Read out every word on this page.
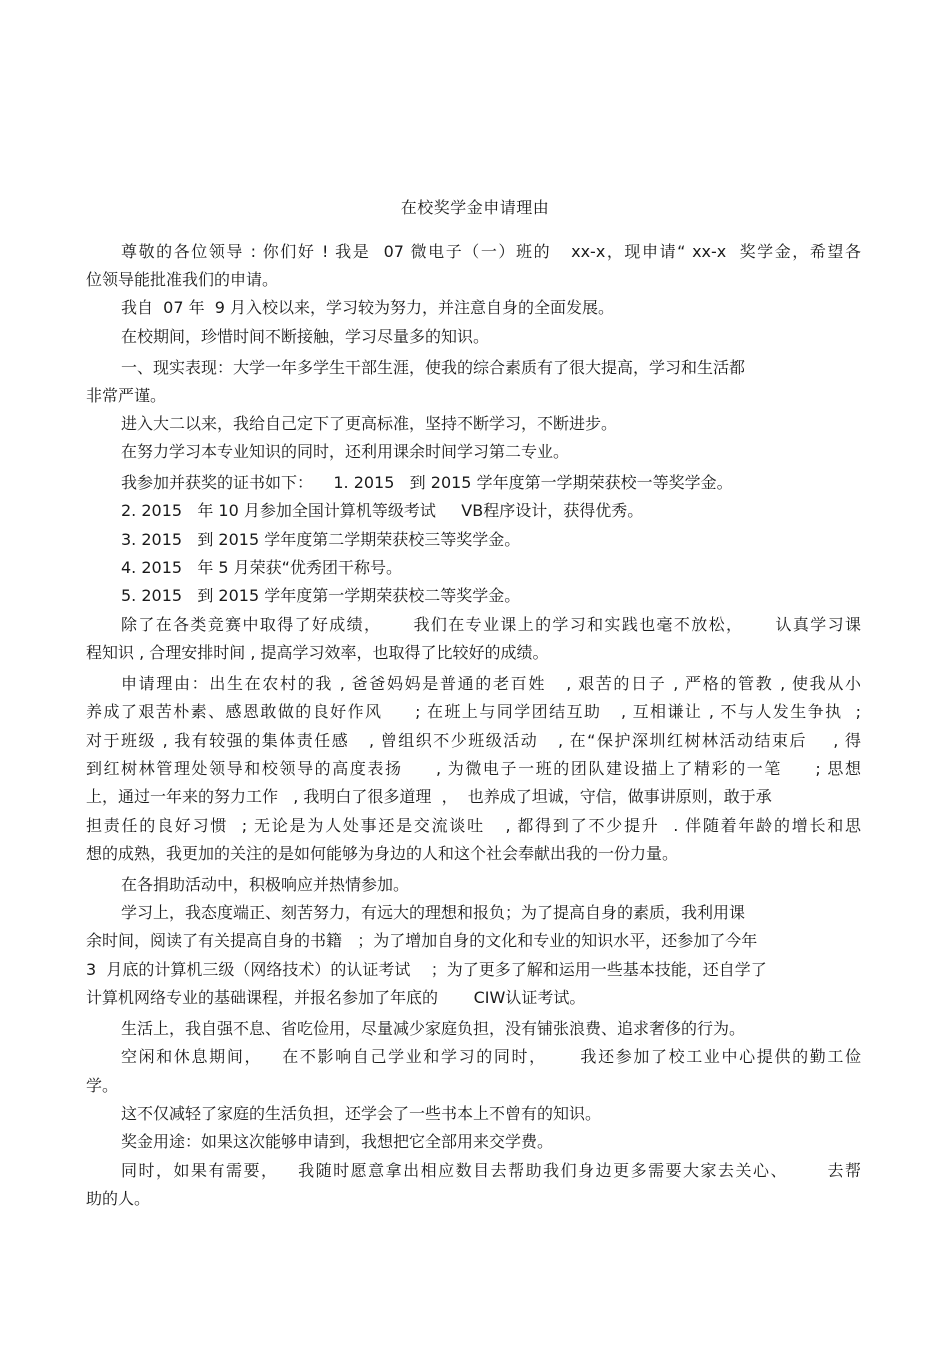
在校奖学金申请理由
尊敬的各位领导 : 你们好 ! 我是  07 微电子（一）班的   xx-x，现申请“ xx-x  奖学金，希望各
位领导能批准我们的申请。
我自  07 年  9 月入校以来，学习较为努力，并注意自身的全面发展。
在校期间，珍惜时间不断接触，学习尽量多的知识。
一、现实表现：大学一年多学生干部生涯，使我的综合素质有了很大提高，学习和生活都
非常严谨。
进入大二以来，我给自己定下了更高标准，坚持不断学习，不断进步。
在努力学习本专业知识的同时，还利用课余时间学习第二专业。
我参加并获奖的证书如下：    1. 2015   到 2015 学年度第一学期荣获校一等奖学金。
2. 2015   年 10 月参加全国计算机等级考试     VB程序设计，获得优秀。
3. 2015   到 2015 学年度第二学期荣获校三等奖学金。
4. 2015   年 5 月荣获“优秀团干称号。
5. 2015   到 2015 学年度第一学期荣获校二等奖学金。
除了在各类竞赛中取得了好成绩，     我们在专业课上的学习和实践也毫不放松，     认真学习课
程知识 , 合理安排时间 , 提高学习效率，也取得了比较好的成绩。
申请理由：出生在农村的我 , 爸爸妈妈是普通的老百姓   , 艰苦的日子 , 严格的管教 , 使我从小
养成了艰苦朴素、感恩敢做的良好作风     ; 在班上与同学团结互助   , 互相谦让 , 不与人发生争执  ;
对于班级 , 我有较强的集体责任感   , 曾组织不少班级活动   , 在“保护深圳红树林活动结束后    , 得
到红树林管理处领导和校领导的高度表扬     , 为微电子一班的团队建设描上了精彩的一笔     ; 思想
上，通过一年来的努力工作   , 我明白了很多道理  ，  也养成了坦诚，守信，做事讲原则，敢于承
担责任的良好习惯  ; 无论是为人处事还是交流谈吐   , 都得到了不少提升  . 伴随着年龄的增长和思
想的成熟，我更加的关注的是如何能够为身边的人和这个社会奉献出我的一份力量。
在各捐助活动中，积极响应并热情参加。
学习上，我态度端正、刻苦努力，有远大的理想和报负；为了提高自身的素质，我利用课
余时间，阅读了有关提高自身的书籍   ；为了增加自身的文化和专业的知识水平，还参加了今年
3  月底的计算机三级（网络技术）的认证考试    ；为了更多了解和运用一些基本技能，还自学了
计算机网络专业的基础课程，并报名参加了年底的       CIW认证考试。
生活上，我自强不息、省吃俭用，尽量减少家庭负担，没有铺张浪费、追求奢侈的行为。
空闲和休息期间，   在不影响自己学业和学习的同时，     我还参加了校工业中心提供的勤工俭
学。
这不仅减轻了家庭的生活负担，还学会了一些书本上不曾有的知识。
奖金用途：如果这次能够申请到，我想把它全部用来交学费。
同时，如果有需要，   我随时愿意拿出相应数目去帮助我们身边更多需要大家去关心、      去帮
助的人。
